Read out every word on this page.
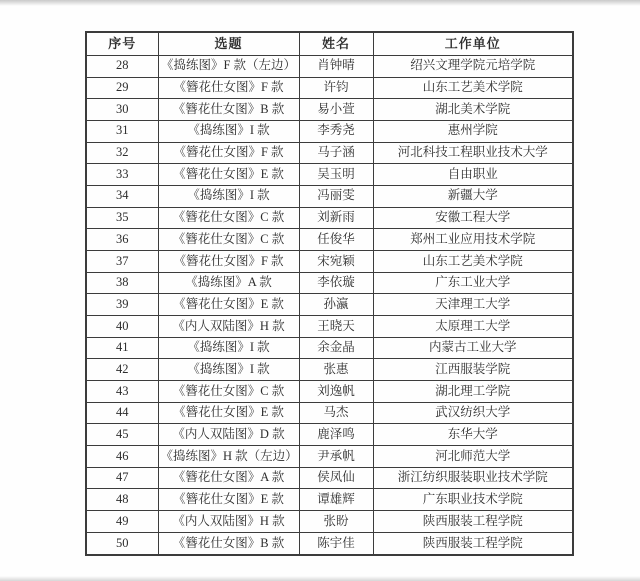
序号	选题	姓名	工作单位
28	《捣练图》F 款（左边）	肖钟晴	绍兴文理学院元培学院
29	《簪花仕女图》F 款	许钧	山东工艺美术学院
30	《簪花仕女图》B 款	易小萱	湖北美术学院
31	《捣练图》I 款	李秀尧	惠州学院
32	《簪花仕女图》F 款	马子涵	河北科技工程职业技术大学
33	《簪花仕女图》E 款	吴玉明	自由职业
34	《捣练图》I 款	冯丽雯	新疆大学
35	《簪花仕女图》C 款	刘新雨	安徽工程大学
36	《簪花仕女图》C 款	任俊华	郑州工业应用技术学院
37	《簪花仕女图》F 款	宋宛颖	山东工艺美术学院
38	《捣练图》A 款	李依璇	广东工业大学
39	《簪花仕女图》E 款	孙瀛	天津理工大学
40	《内人双陆图》H 款	王晓天	太原理工大学
41	《捣练图》I 款	余金晶	内蒙古工业大学
42	《捣练图》I 款	张惠	江西服装学院
43	《簪花仕女图》C 款	刘逸帆	湖北理工学院
44	《簪花仕女图》E 款	马杰	武汉纺织大学
45	《内人双陆图》D 款	鹿泽鸣	东华大学
46	《捣练图》H 款（左边）	尹承帆	河北师范大学
47	《簪花仕女图》A 款	侯凤仙	浙江纺织服装职业技术学院
48	《簪花仕女图》E 款	谭雄辉	广东职业技术学院
49	《内人双陆图》H 款	张盼	陕西服装工程学院
50	《簪花仕女图》B 款	陈宇佳	陕西服装工程学院
